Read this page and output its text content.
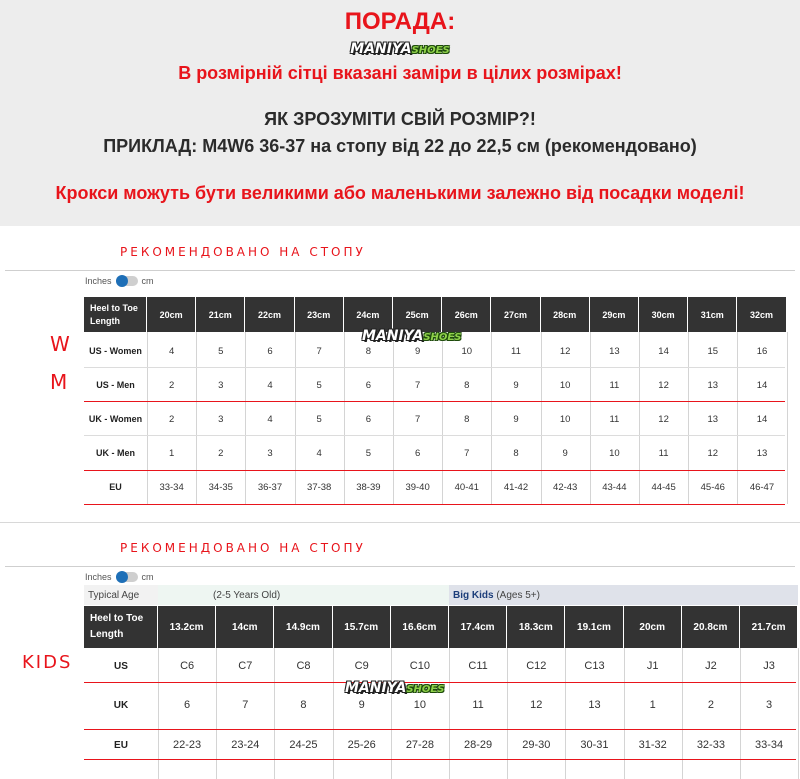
ПОРАДА:
MANIYASHOES
В розмірній сітці вказані заміри в цілих розмірах!
ЯК ЗРОЗУМІТИ СВІЙ РОЗМІР?!
ПРИКЛАД: M4W6 36-37 на стопу від 22 до 22,5 см (рекомендовано)
Крокси можуть бути великими або маленькими залежно від посадки моделі!
РЕКОМЕНДОВАНО НА СТОПУ
Inches	cm
W
M
Heel to Toe Length
20cm	21cm	22cm	23cm	24cm	25cm	26cm	27cm	28cm	29cm	30cm	31cm	32cm
US - Women	4	5	6	7	8	9	10	11	12	13	14	15	16
US - Men	2	3	4	5	6	7	8	9	10	11	12	13	14
UK - Women	2	3	4	5	6	7	8	9	10	11	12	13	14
UK - Men	1	2	3	4	5	6	7	8	9	10	11	12	13
EU	33-34	34-35	36-37	37-38	38-39	39-40	40-41	41-42	42-43	43-44	44-45	45-46	46-47
РЕКОМЕНДОВАНО НА СТОПУ
Inches	cm
KIDS
Typical Age	(2-5 Years Old)	Big Kids (Ages 5+)
Heel to Toe Length
13.2cm	14cm	14.9cm	15.7cm	16.6cm	17.4cm	18.3cm	19.1cm	20cm	20.8cm	21.7cm
US	C6	C7	C8	C9	C10	C11	C12	C13	J1	J2	J3
UK	6	7	8	9	10	11	12	13	1	2	3
EU	22-23	23-24	24-25	25-26	27-28	28-29	29-30	30-31	31-32	32-33	33-34
MANIYASHOES
MANIYASHOES
